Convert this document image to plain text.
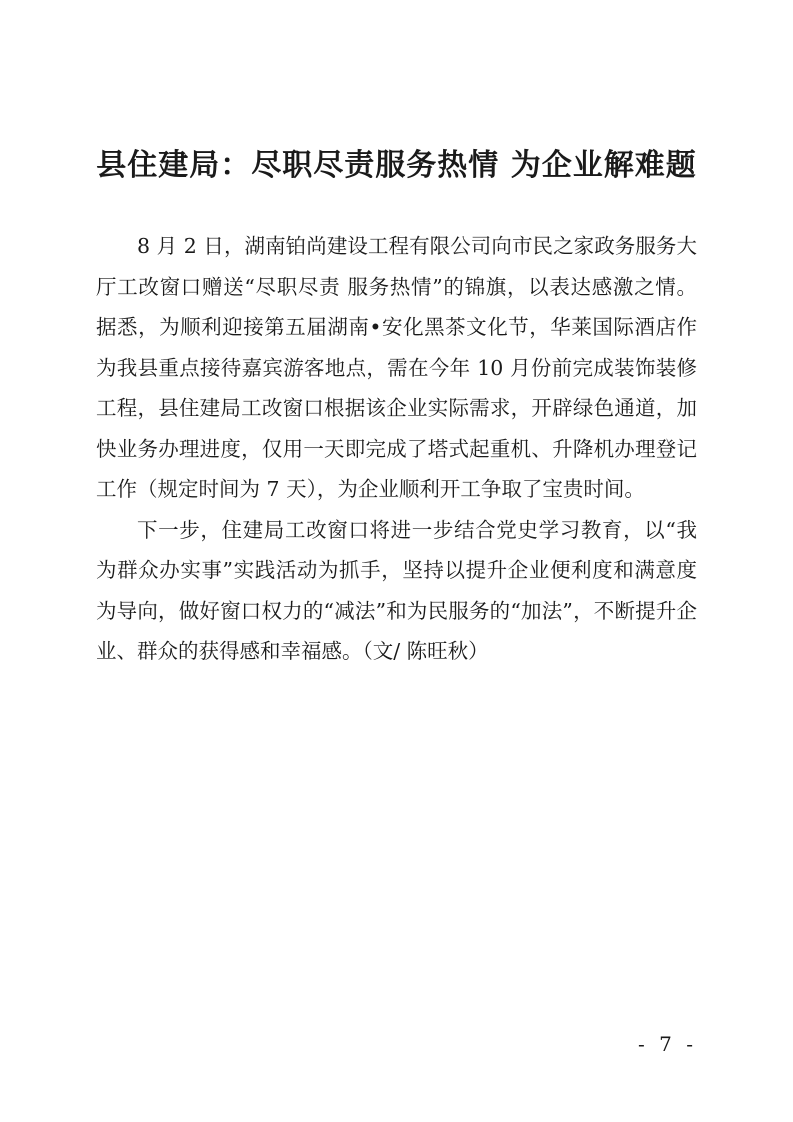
县住建局：尽职尽责服务热情 为企业解难题

8 月 2 日，湖南铂尚建设工程有限公司向市民之家政务服务大厅工改窗口赠送“尽职尽责 服务热情”的锦旗，以表达感激之情。据悉，为顺利迎接第五届湖南•安化黑茶文化节，华莱国际酒店作为我县重点接待嘉宾游客地点，需在今年 10 月份前完成装饰装修工程，县住建局工改窗口根据该企业实际需求，开辟绿色通道，加快业务办理进度，仅用一天即完成了塔式起重机、升降机办理登记工作（规定时间为 7 天），为企业顺利开工争取了宝贵时间。

下一步，住建局工改窗口将进一步结合党史学习教育，以“我为群众办实事”实践活动为抓手，坚持以提升企业便利度和满意度为导向，做好窗口权力的“减法”和为民服务的“加法”，不断提升企业、群众的获得感和幸福感。（文/ 陈旺秋）

- 7 -
